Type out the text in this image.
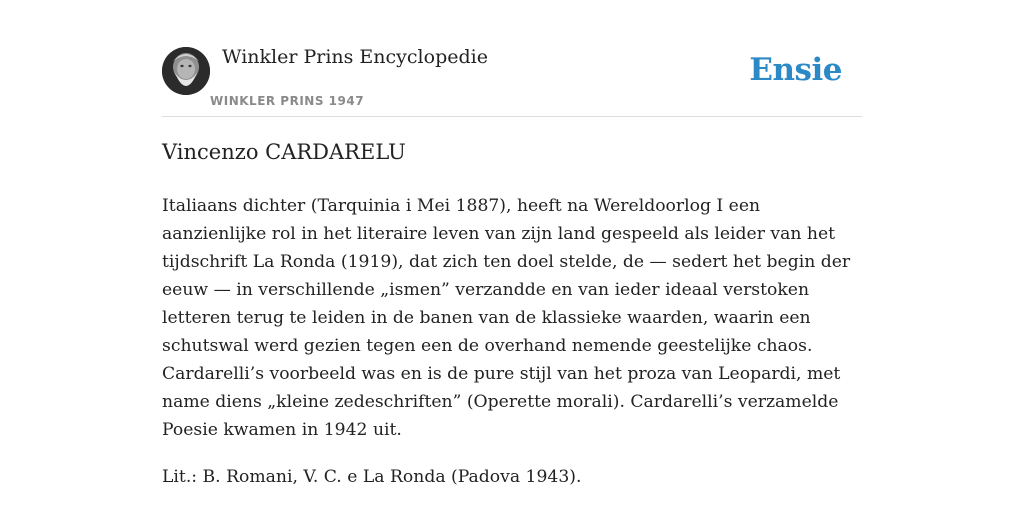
Winkler Prins Encyclopedie
WINKLER PRINS 1947
Ensie
Vincenzo CARDARELU

Italiaans dichter (Tarquinia i Mei 1887), heeft na Wereldoorlog I een aanzienlijke rol in het literaire leven van zijn land gespeeld als leider van het tijdschrift La Ronda (1919), dat zich ten doel stelde, de — sedert het begin der eeuw — in verschillende „ismen” verzandde en van ieder ideaal verstoken letteren terug te leiden in de banen van de klassieke waarden, waarin een schutswal werd gezien tegen een de overhand nemende geestelijke chaos. Cardarelli’s voorbeeld was en is de pure stijl van het proza van Leopardi, met name diens „kleine zedeschriften” (Operette morali). Cardarelli’s verzamelde Poesie kwamen in 1942 uit.

Lit.: B. Romani, V. C. e La Ronda (Padova 1943).
